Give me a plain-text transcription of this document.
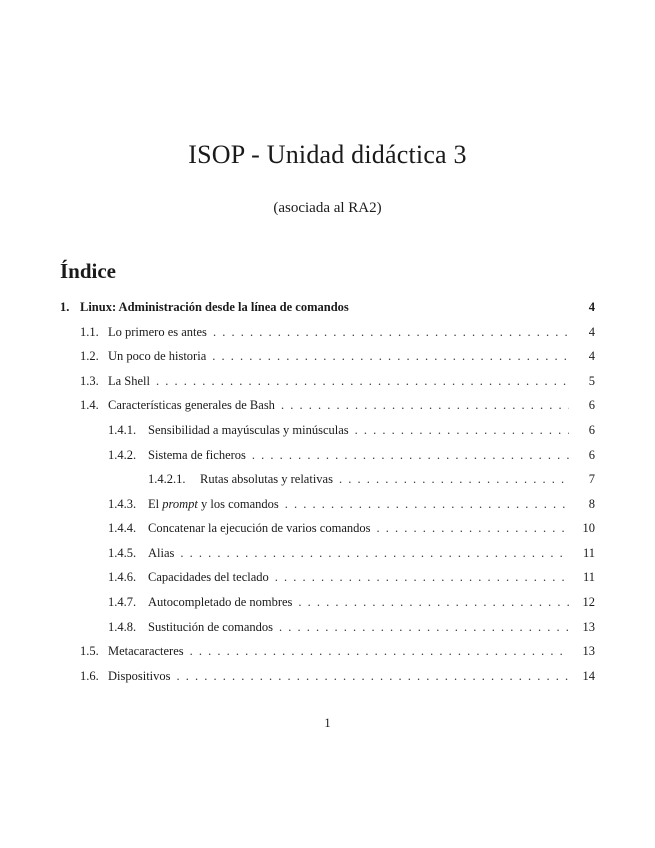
ISOP - Unidad didáctica 3
(asociada al RA2)
Índice
1. Linux: Administración desde la línea de comandos	4
1.1. Lo primero es antes . . .	4
1.2. Un poco de historia . . .	4
1.3. La Shell . . .	5
1.4. Características generales de Bash . . .	6
1.4.1. Sensibilidad a mayúsculas y minúsculas . . .	6
1.4.2. Sistema de ficheros . . .	6
1.4.2.1.	Rutas absolutas y relativas . . .	7
1.4.3. El prompt y los comandos . . .	8
1.4.4. Concatenar la ejecución de varios comandos . . .	10
1.4.5. Alias . . .	11
1.4.6. Capacidades del teclado . . .	11
1.4.7. Autocompletado de nombres . . .	12
1.4.8. Sustitución de comandos . . .	13
1.5. Metacaracteres . . .	13
1.6. Dispositivos . . .	14
1
